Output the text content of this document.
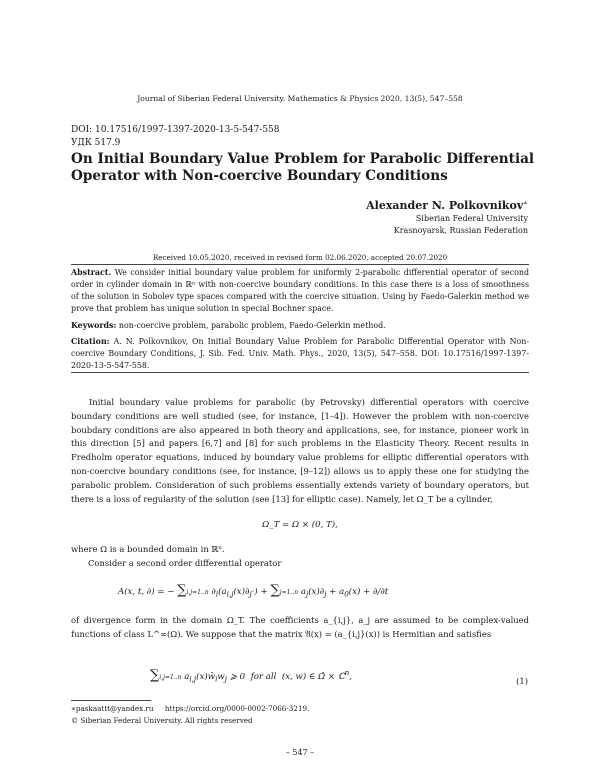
Journal of Siberian Federal University. Mathematics & Physics 2020, 13(5), 547–558
DOI: 10.17516/1997-1397-2020-13-5-547-558
УДК 517.9
On Initial Boundary Value Problem for Parabolic Differential Operator with Non-coercive Boundary Conditions
Alexander N. Polkovnikov∗
Siberian Federal University
Krasnoyarsk, Russian Federation
Received 10.05.2020, received in revised form 02.06.2020, accepted 20.07.2020
Abstract. We consider initial boundary value problem for uniformly 2-parabolic differential operator of second order in cylinder domain in ℝⁿ with non-coercive boundary conditions. In this case there is a loss of smoothness of the solution in Sobolev type spaces compared with the coercive situation. Using by Faedo-Galerkin method we prove that problem has unique solution in special Bochner space.
Keywords: non-coercive problem, parabolic problem, Faedo-Gelerkin method.
Citation: A. N. Polkovnikov, On Initial Boundary Value Problem for Parabolic Differential Operator with Non-coercive Boundary Conditions, J. Sib. Fed. Univ. Math. Phys., 2020, 13(5), 547–558. DOI: 10.17516/1997-1397-2020-13-5-547-558.
Initial boundary value problems for parabolic (by Petrovsky) differential operators with coercive boundary conditions are well studied (see, for instance, [1–4]). However the problem with non-coercive boubdary conditions are also appeared in both theory and applications, see, for instance, pioneer work in this direction [5] and papers [6,7] and [8] for such problems in the Elasticity Theory. Recent results in Fredholm operator equations, induced by boundary value problems for elliptic differential operators with non-coercive boundary conditions (see, for instance, [9–12]) allows us to apply these one for studying the parabolic problem. Consideration of such problems essentially extends variety of boundary operators, but there is a loss of regularity of the solution (see [13] for elliptic case). Namely, let Ω_T be a cylinder,
Ω_T = Ω × (0, T),
where Ω is a bounded domain in ℝⁿ.
Consider a second order differential operator
A(x, t, ∂) = − ∑i,j=1..n $\partial_i(a_{i,j}(x)\partial_j\cdot) + \sum j=1..n$ $a_j(x)\partial_j + a_0(x) + \partial/\partial t$
of divergence form in the domain Ω_T. The coefficients a_{i,j}, a_j are assumed to be complex-valued functions of class L^∞(Ω). We suppose that the matrix 𝔄(x) = (a_{i,j}(x)) is Hermitian and satisfies
∑i,j=1..n $a_{i,j}(x)w̄_iw_j$ ⩾ 0  for all  (x, w) ∈ Ω̄ × ℂ$^n$,	(1)
∗paskaattt@yandex.ru https://orcid.org/0000-0002-7066-3219.
© Siberian Federal University. All rights reserved
– 547 –
